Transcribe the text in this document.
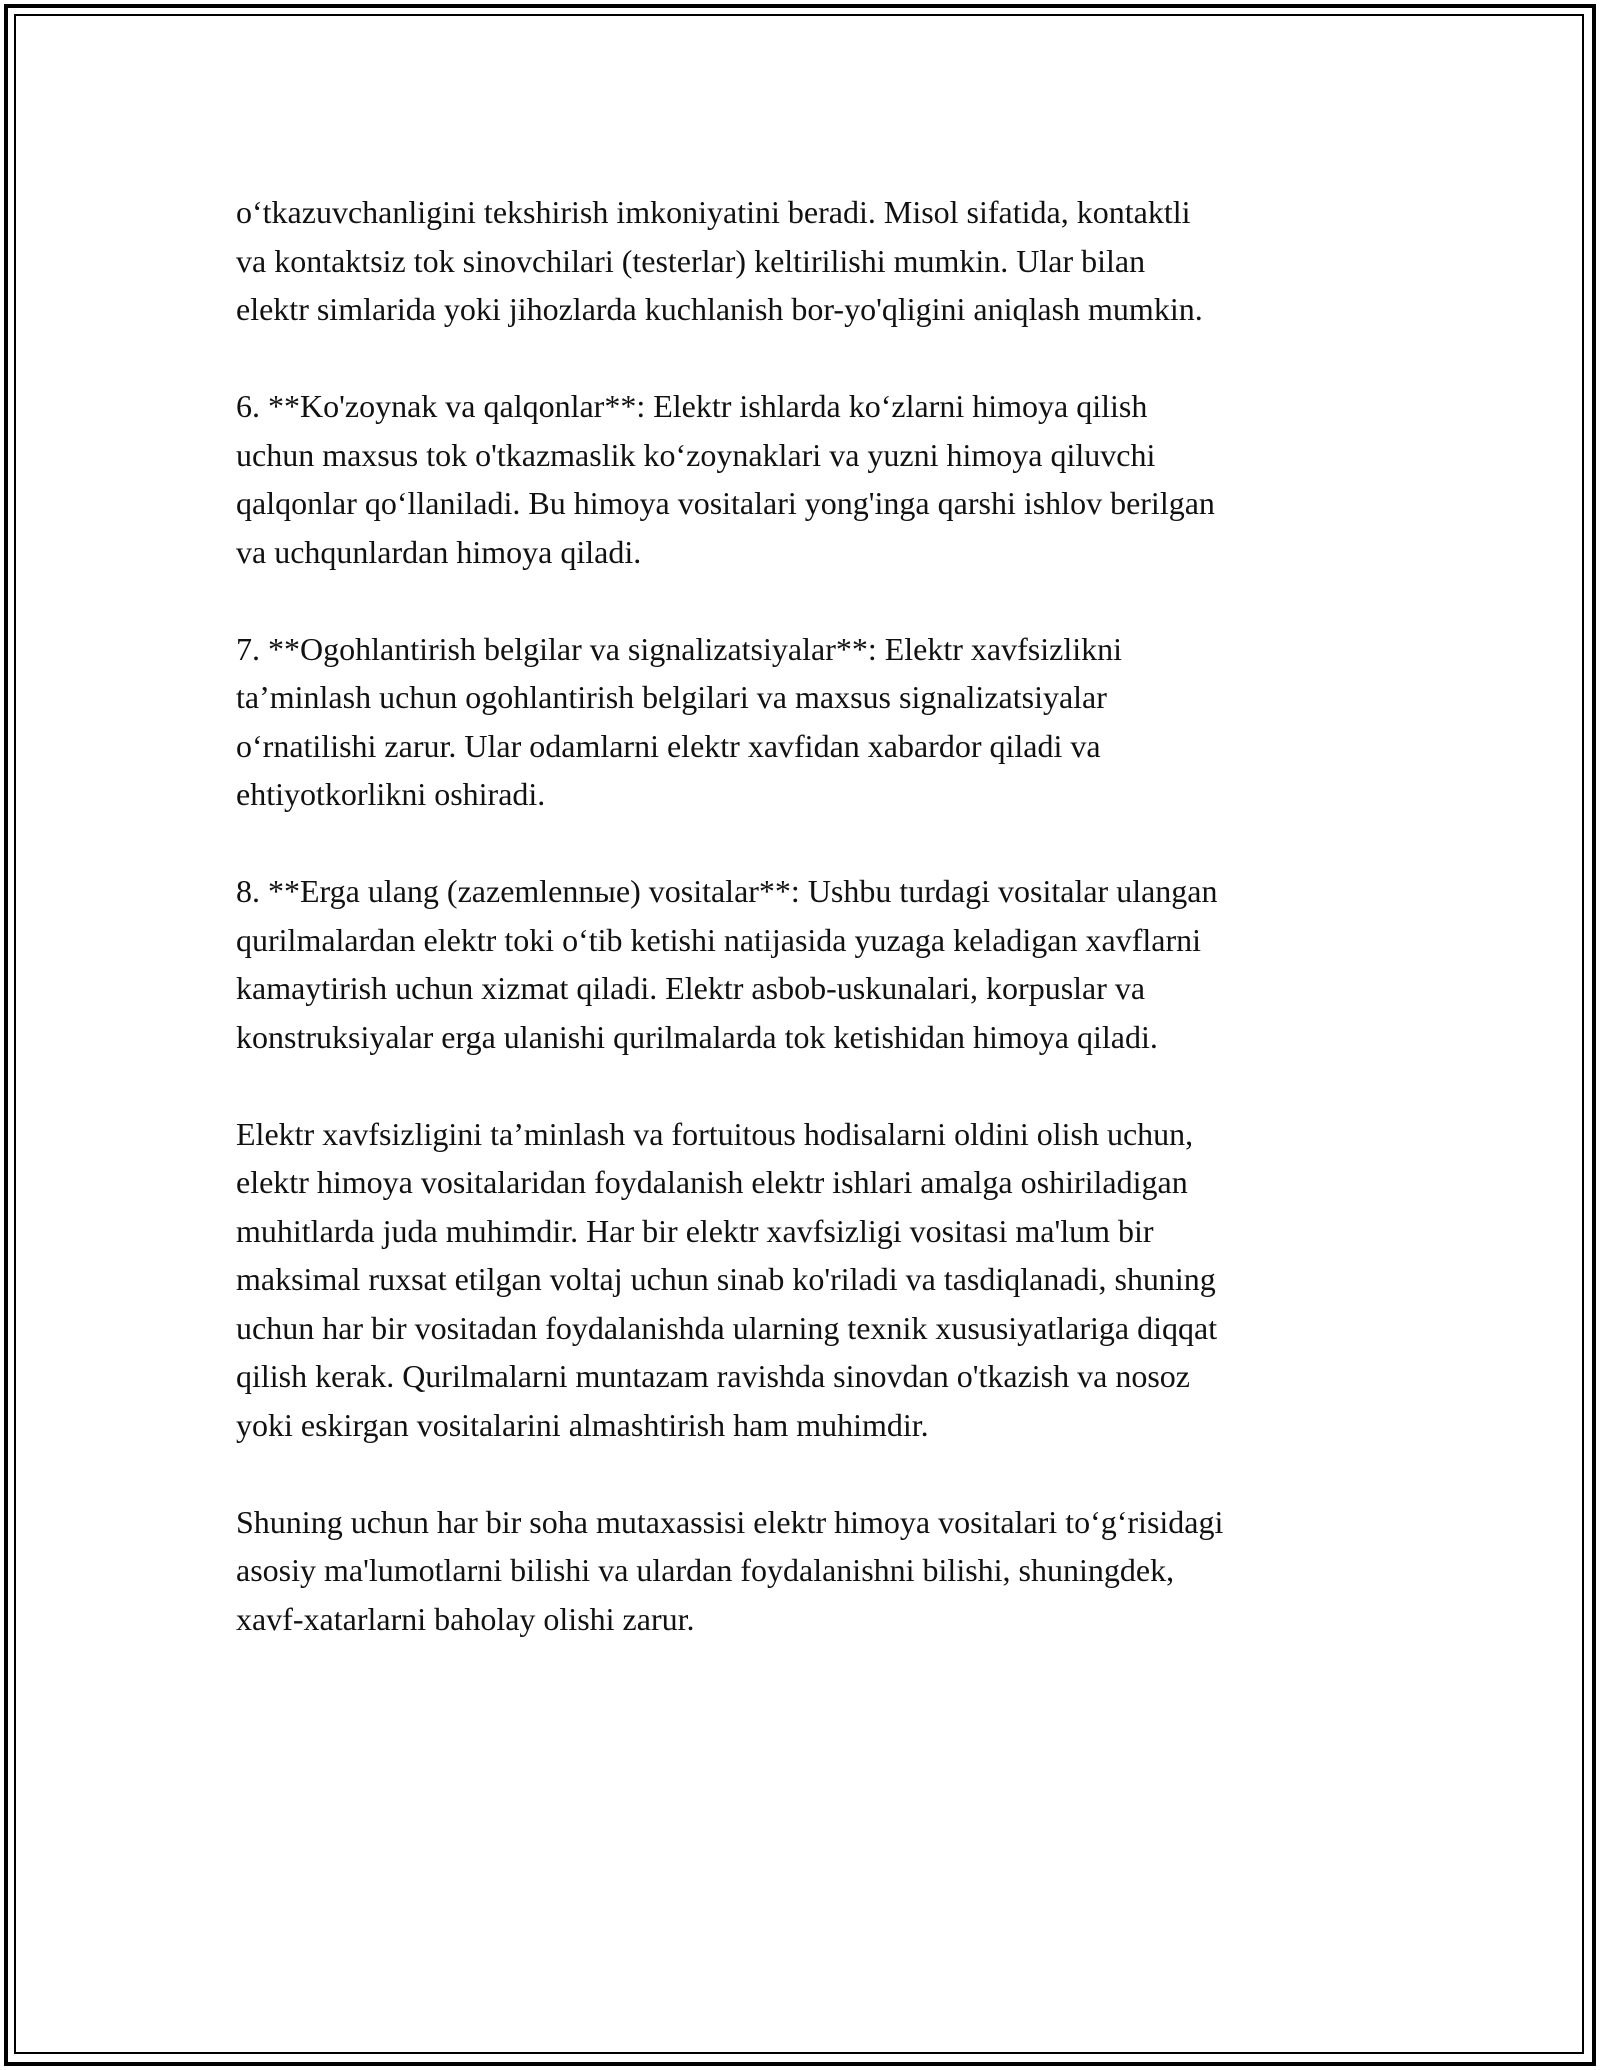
o‘tkazuvchanligini tekshirish imkoniyatini beradi. Misol sifatida, kontaktli
va kontaktsiz tok sinovchilari (testerlar) keltirilishi mumkin. Ular bilan
elektr simlarida yoki jihozlarda kuchlanish bor-yo'qligini aniqlash mumkin.

6. **Ko'zoynak va qalqonlar**: Elektr ishlarda ko‘zlarni himoya qilish
uchun maxsus tok o'tkazmaslik ko‘zoynaklari va yuzni himoya qiluvchi
qalqonlar qo‘llaniladi. Bu himoya vositalari yong'inga qarshi ishlov berilgan
va uchqunlardan himoya qiladi.

7. **Ogohlantirish belgilar va signalizatsiyalar**: Elektr xavfsizlikni
ta’minlash uchun ogohlantirish belgilari va maxsus signalizatsiyalar
o‘rnatilishi zarur. Ular odamlarni elektr xavfidan xabardor qiladi va
ehtiyotkorlikni oshiradi.

8. **Erga ulang (zazemlennые) vositalar**: Ushbu turdagi vositalar ulangan
qurilmalardan elektr toki o‘tib ketishi natijasida yuzaga keladigan xavflarni
kamaytirish uchun xizmat qiladi. Elektr asbob-uskunalari, korpuslar va
konstruksiyalar erga ulanishi qurilmalarda tok ketishidan himoya qiladi.

Elektr xavfsizligini ta’minlash va fortuitous hodisalarni oldini olish uchun,
elektr himoya vositalaridan foydalanish elektr ishlari amalga oshiriladigan
muhitlarda juda muhimdir. Har bir elektr xavfsizligi vositasi ma'lum bir
maksimal ruxsat etilgan voltaj uchun sinab ko'riladi va tasdiqlanadi, shuning
uchun har bir vositadan foydalanishda ularning texnik xususiyatlariga diqqat
qilish kerak. Qurilmalarni muntazam ravishda sinovdan o'tkazish va nosoz
yoki eskirgan vositalarini almashtirish ham muhimdir.

Shuning uchun har bir soha mutaxassisi elektr himoya vositalari to‘g‘risidagi
asosiy ma'lumotlarni bilishi va ulardan foydalanishni bilishi, shuningdek,
xavf-xatarlarni baholay olishi zarur.
